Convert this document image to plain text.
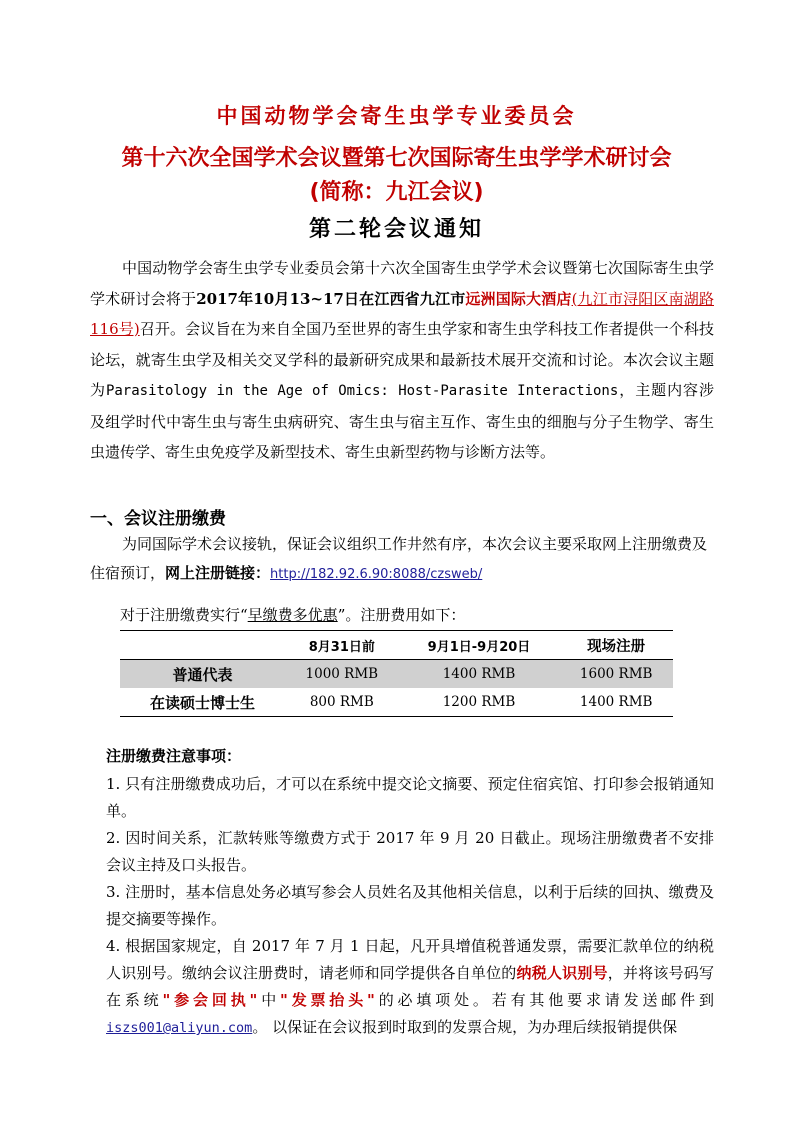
中国动物学会寄生虫学专业委员会
第十六次全国学术会议暨第七次国际寄生虫学学术研讨会
(简称：九江会议)
第二轮会议通知

中国动物学会寄生虫学专业委员会第十六次全国寄生虫学学术会议暨第七次国际寄生虫学学术研讨会将于2017年10月13~17日在江西省九江市远洲国际大酒店(九江市浔阳区南湖路116号)召开。会议旨在为来自全国乃至世界的寄生虫学家和寄生虫学科技工作者提供一个科技论坛，就寄生虫学及相关交叉学科的最新研究成果和最新技术展开交流和讨论。本次会议主题为Parasitology in the Age of Omics: Host-Parasite Interactions，主题内容涉及组学时代中寄生虫与寄生虫病研究、寄生虫与宿主互作、寄生虫的细胞与分子生物学、寄生虫遗传学、寄生虫免疫学及新型技术、寄生虫新型药物与诊断方法等。

一、会议注册缴费

为同国际学术会议接轨，保证会议组织工作井然有序，本次会议主要采取网上注册缴费及住宿预订，网上注册链接：http://182.92.6.90:8088/czsweb/

对于注册缴费实行“早缴费多优惠”。注册费用如下：
	8月31日前	9月1日-9月20日	现场注册
普通代表	1000 RMB	1400 RMB	1600 RMB
在读硕士博士生	800 RMB	1200 RMB	1400 RMB
注册缴费注意事项：

1. 只有注册缴费成功后，才可以在系统中提交论文摘要、预定住宿宾馆、打印参会报销通知单。

2. 因时间关系，汇款转账等缴费方式于 2017 年 9 月 20 日截止。现场注册缴费者不安排会议主持及口头报告。

3. 注册时，基本信息处务必填写参会人员姓名及其他相关信息，以利于后续的回执、缴费及提交摘要等操作。

4. 根据国家规定，自 2017 年 7 月 1 日起，凡开具增值税普通发票，需要汇款单位的纳税人识别号。缴纳会议注册费时，请老师和同学提供各自单位的纳税人识别号，并将该号码写在系统"参会回执"中"发票抬头"的必填项处。若有其他要求请发送邮件到iszs001@aliyun.com。 以保证在会议报到时取到的发票合规，为办理后续报销提供保
